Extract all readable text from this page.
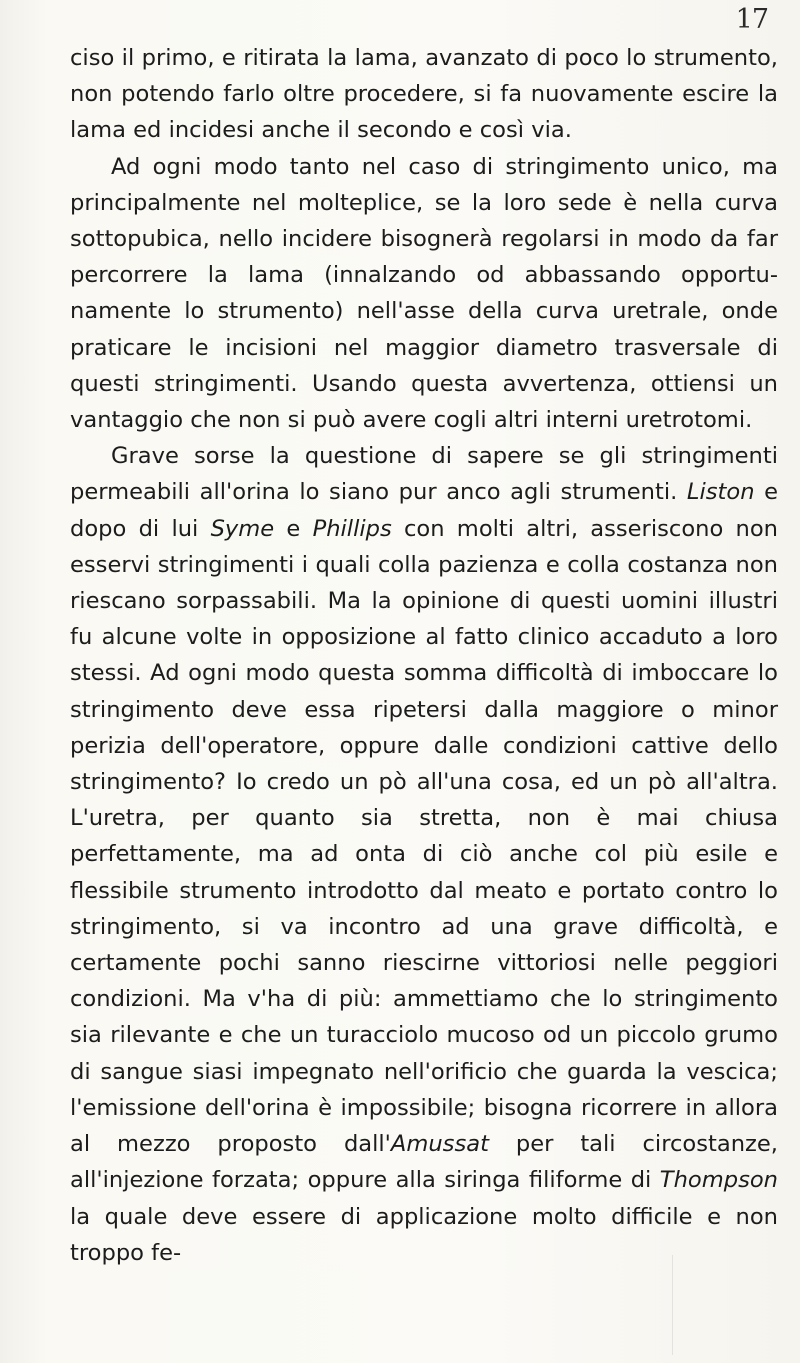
17

ciso il primo, e ritirata la lama, avanzato di poco lo strumento, non potendo farlo oltre procedere, si fa nuovamente escire la lama ed incidesi anche il secondo e così via.

Ad ogni modo tanto nel caso di stringimento unico, ma principalmente nel molteplice, se la loro sede è nella curva sottopubica, nello incidere bisognerà regolarsi in modo da far percorrere la lama (innalzando od abbassando opportunamente lo strumento) nell'asse della curva uretrale, onde praticare le incisioni nel maggior diametro trasversale di questi stringimenti. Usando questa avvertenza, ottiensi un vantaggio che non si può avere cogli altri interni uretrotomi.

Grave sorse la questione di sapere se gli stringimenti permeabili all'orina lo siano pur anco agli strumenti. Liston e dopo di lui Syme e Phillips con molti altri, asseriscono non esservi stringimenti i quali colla pazienza e colla costanza non riescano sorpassabili. Ma la opinione di questi uomini illustri fu alcune volte in opposizione al fatto clinico accaduto a loro stessi. Ad ogni modo questa somma difficoltà di imboccare lo stringimento deve essa ripetersi dalla maggiore o minor perizia dell'operatore, oppure dalle condizioni cattive dello stringimento? Io credo un pò all'una cosa, ed un pò all'altra. L'uretra, per quanto sia stretta, non è mai chiusa perfettamente, ma ad onta di ciò anche col più esile e flessibile strumento introdotto dal meato e portato contro lo stringimento, si va incontro ad una grave difficoltà, e certamente pochi sanno riescirne vittoriosi nelle peggiori condizioni. Ma v'ha di più: ammettiamo che lo stringimento sia rilevante e che un turacciolo mucoso od un piccolo grumo di sangue siasi impegnato nell'orificio che guarda la vescica; l'emissione dell'orina è impossibile; bisogna ricorrere in allora al mezzo proposto dall'Amussat per tali circostanze, all'injezione forzata; oppure alla siringa filiforme di Thompson la quale deve essere di applicazione molto difficile e non troppo fe-
